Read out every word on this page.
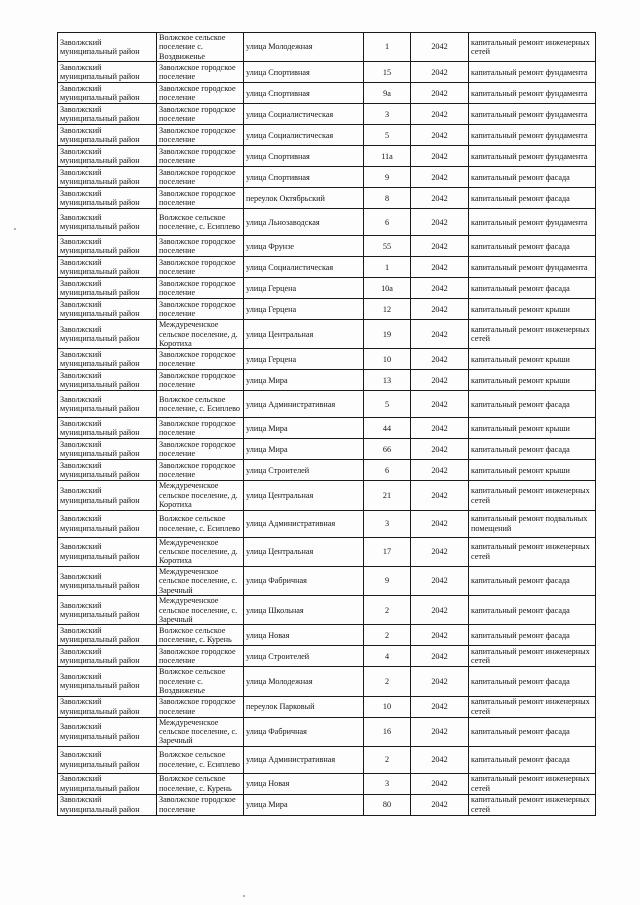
Заволжский муниципальный район	Волжское сельское поселение с. Воздвиженье	улица Молодежная	1	2042	капитальный ремонт инженерных сетей
Заволжский муниципальный район	Заволжское городское поселение	улица Спортивная	15	2042	капитальный ремонт фундамента
Заволжский муниципальный район	Заволжское городское поселение	улица Спортивная	9а	2042	капитальный ремонт фундамента
Заволжский муниципальный район	Заволжское городское поселение	улица Социалистическая	3	2042	капитальный ремонт фундамента
Заволжский муниципальный район	Заволжское городское поселение	улица Социалистическая	5	2042	капитальный ремонт фундамента
Заволжский муниципальный район	Заволжское городское поселение	улица Спортивная	11а	2042	капитальный ремонт фундамента
Заволжский муниципальный район	Заволжское городское поселение	улица Спортивная	9	2042	капитальный ремонт фасада
Заволжский муниципальный район	Заволжское городское поселение	переулок Октябрьский	8	2042	капитальный ремонт фасада
Заволжский муниципальный район	Волжское сельское поселение, с. Есиплево	улица Льнозаводская	6	2042	капитальный ремонт фундамента
Заволжский муниципальный район	Заволжское городское поселение	улица Фрунзе	55	2042	капитальный ремонт фасада
Заволжский муниципальный район	Заволжское городское поселение	улица Социалистическая	1	2042	капитальный ремонт фундамента
Заволжский муниципальный район	Заволжское городское поселение	улица Герцена	10а	2042	капитальный ремонт фасада
Заволжский муниципальный район	Заволжское городское поселение	улица Герцена	12	2042	капитальный ремонт крыши
Заволжский муниципальный район	Междуреченское сельское поселение, д. Коротиха	улица Центральная	19	2042	капитальный ремонт инженерных сетей
Заволжский муниципальный район	Заволжское городское поселение	улица Герцена	10	2042	капитальный ремонт крыши
Заволжский муниципальный район	Заволжское городское поселение	улица Мира	13	2042	капитальный ремонт крыши
Заволжский муниципальный район	Волжское сельское поселение, с. Есиплево	улица Административная	5	2042	капитальный ремонт фасада
Заволжский муниципальный район	Заволжское городское поселение	улица Мира	44	2042	капитальный ремонт крыши
Заволжский муниципальный район	Заволжское городское поселение	улица Мира	66	2042	капитальный ремонт фасада
Заволжский муниципальный район	Заволжское городское поселение	улица Строителей	6	2042	капитальный ремонт крыши
Заволжский муниципальный район	Междуреченское сельское поселение, д. Коротиха	улица Центральная	21	2042	капитальный ремонт инженерных сетей
Заволжский муниципальный район	Волжское сельское поселение, с. Есиплево	улица Административная	3	2042	капитальный ремонт подвальных помещений
Заволжский муниципальный район	Междуреченское сельское поселение, д. Коротиха	улица Центральная	17	2042	капитальный ремонт инженерных сетей
Заволжский муниципальный район	Междуреченское сельское поселение, с. Заречный	улица Фабричная	9	2042	капитальный ремонт фасада
Заволжский муниципальный район	Междуреченское сельское поселение, с. Заречный	улица Школьная	2	2042	капитальный ремонт фасада
Заволжский муниципальный район	Волжское сельское поселение, с. Курень	улица Новая	2	2042	капитальный ремонт фасада
Заволжский муниципальный район	Заволжское городское поселение	улица Строителей	4	2042	капитальный ремонт инженерных сетей
Заволжский муниципальный район	Волжское сельское поселение с. Воздвиженье	улица Молодежная	2	2042	капитальный ремонт фасада
Заволжский муниципальный район	Заволжское городское поселение	переулок Парковый	10	2042	капитальный ремонт инженерных сетей
Заволжский муниципальный район	Междуреченское сельское поселение, с. Заречный	улица Фабричная	16	2042	капитальный ремонт фасада
Заволжский муниципальный район	Волжское сельское поселение, с. Есиплево	улица Административная	2	2042	капитальный ремонт фасада
Заволжский муниципальный район	Волжское сельское поселение, с. Курень	улица Новая	3	2042	капитальный ремонт инженерных сетей
Заволжский муниципальный район	Заволжское городское поселение	улица Мира	80	2042	капитальный ремонт инженерных сетей
